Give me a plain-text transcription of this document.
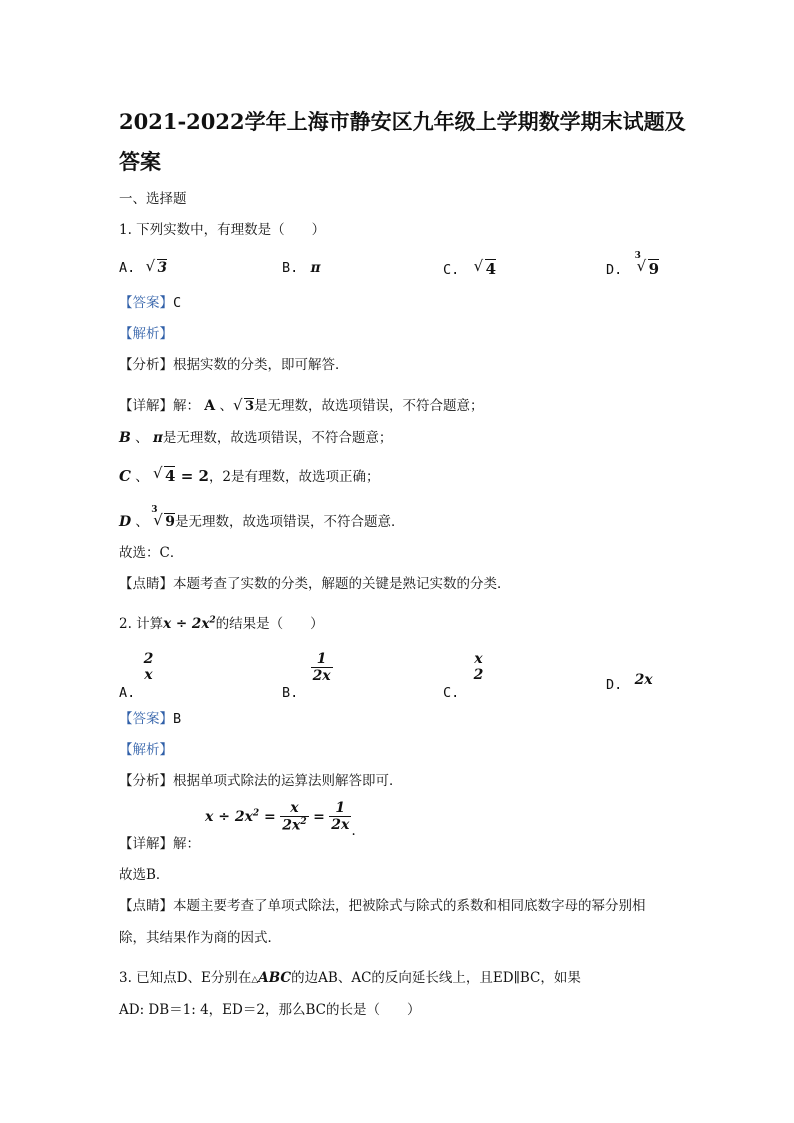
2021-2022学年上海市静安区九年级上学期数学期末试题及
答案
一、选择题
1. 下列实数中，有理数是（　　）
A. √ 3	B. π	C. √ 4	D.
3
√ 9
【答案】C
【解析】
【分析】根据实数的分类，即可解答．
【详解】解： A 、 √ 3是无理数，故选项错误，不符合题意；
B 、 π是无理数，故选项错误，不符合题意；
C 、 √ 4 = 2，2是有理数，故选项正确；
D 、
3
√ 9是无理数，故选项错误，不符合题意．
故选：C．
【点睛】本题考查了实数的分类，解题的关键是熟记实数的分类．
2. 计算$x \div 2x^2$的结果是（　　）
A.
2
x
B.
$\frac{1}{2x}$
C.
x
2
D. 2x
【答案】B
【解析】
【分析】根据单项式除法的运算法则解答即可．
【详解】解：
$x \div 2x^2 = \frac{x}{2x^2} = \frac{1}{2x}$ .
故选B．
【点睛】本题主要考查了单项式除法，把被除式与除式的系数和相同底数字母的幂分别相
除，其结果作为商的因式．
3. 已知点D、E分别在△ABC的边AB、AC的反向延长线上，且ED∥BC，如果
AD: DB＝1: 4，ED＝2，那么BC的长是（　　）
